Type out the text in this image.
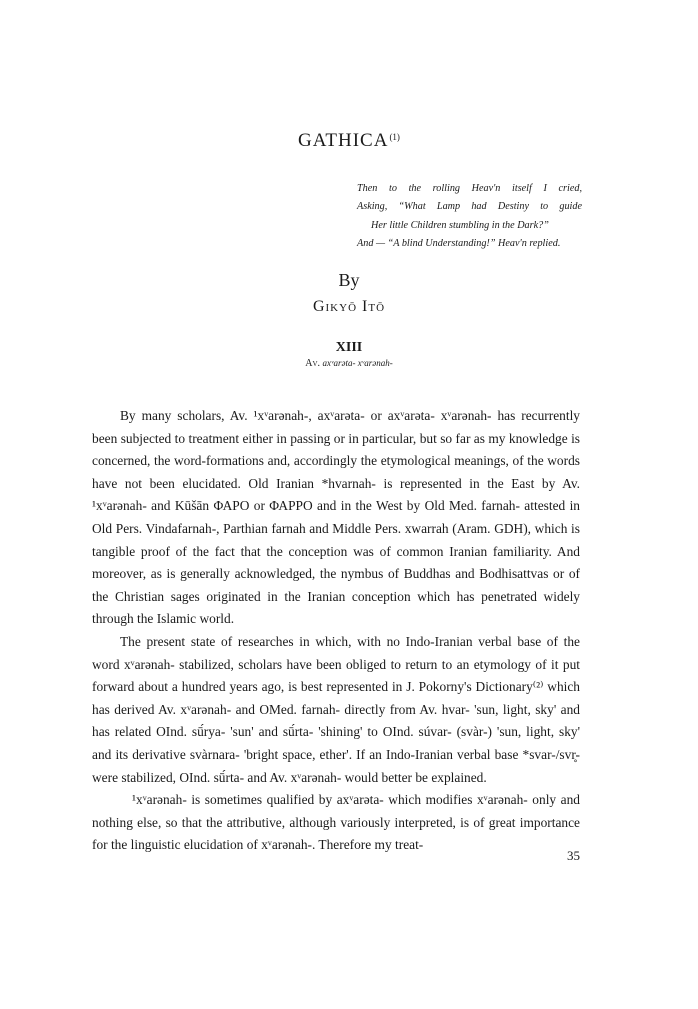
GATHICA$^{(1)}$
Then to the rolling Heav'n itself I cried,
Asking, “What Lamp had Destiny to guide
Her little Children stumbling in the Dark?”
And — “A blind Understanding!” Heav'n replied.
By
Gikyō Itō
XIII
Av. axᵛarəta- xᵛarənah-

By many scholars, Av. ¹xᵛarənah-, axᵛarəta- or axᵛarəta- xᵛarənah- has recurrently been subjected to treatment either in passing or in particular, but so far as my knowledge is concerned, the word-formations and, accordingly the etymological meanings, of the words have not been elucidated. Old Iranian *hvarnah- is represented in the East by Av. ¹xᵛarənah- and Kūšān ΦΑΡΟ or ΦΑΡΡΟ and in the West by Old Med. farnah- attested in Old Pers. Vindafarnah-, Parthian farnah and Middle Pers. xwarrah (Aram. GDH), which is tangible proof of the fact that the conception was of common Iranian familiarity. And moreover, as is generally acknowledged, the nymbus of Buddhas and Bodhisattvas or of the Christian sages originated in the Iranian conception which has penetrated widely through the Islamic world.

The present state of researches in which, with no Indo-Iranian verbal base of the word xᵛarənah- stabilized, scholars have been obliged to return to an etymology of it put forward about a hundred years ago, is best represented in J. Pokorny's Dictionary⁽²⁾ which has derived Av. xᵛarənah- and OMed. farnah- directly from Av. hvar- 'sun, light, sky' and has related OInd. sū́rya- 'sun' and sū́rta- 'shining' to OInd. súvar- (svàr-) 'sun, light, sky' and its derivative svàrnara- 'bright space, ether'. If an Indo-Iranian verbal base *svar-/svr̥- were stabilized, OInd. sū́rta- and Av. xᵛarənah- would better be explained.

¹xᵛarənah- is sometimes qualified by axᵛarəta- which modifies xᵛarənah- only and nothing else, so that the attributive, although variously interpreted, is of great importance for the linguistic elucidation of xᵛarənah-. Therefore my treat-

35
